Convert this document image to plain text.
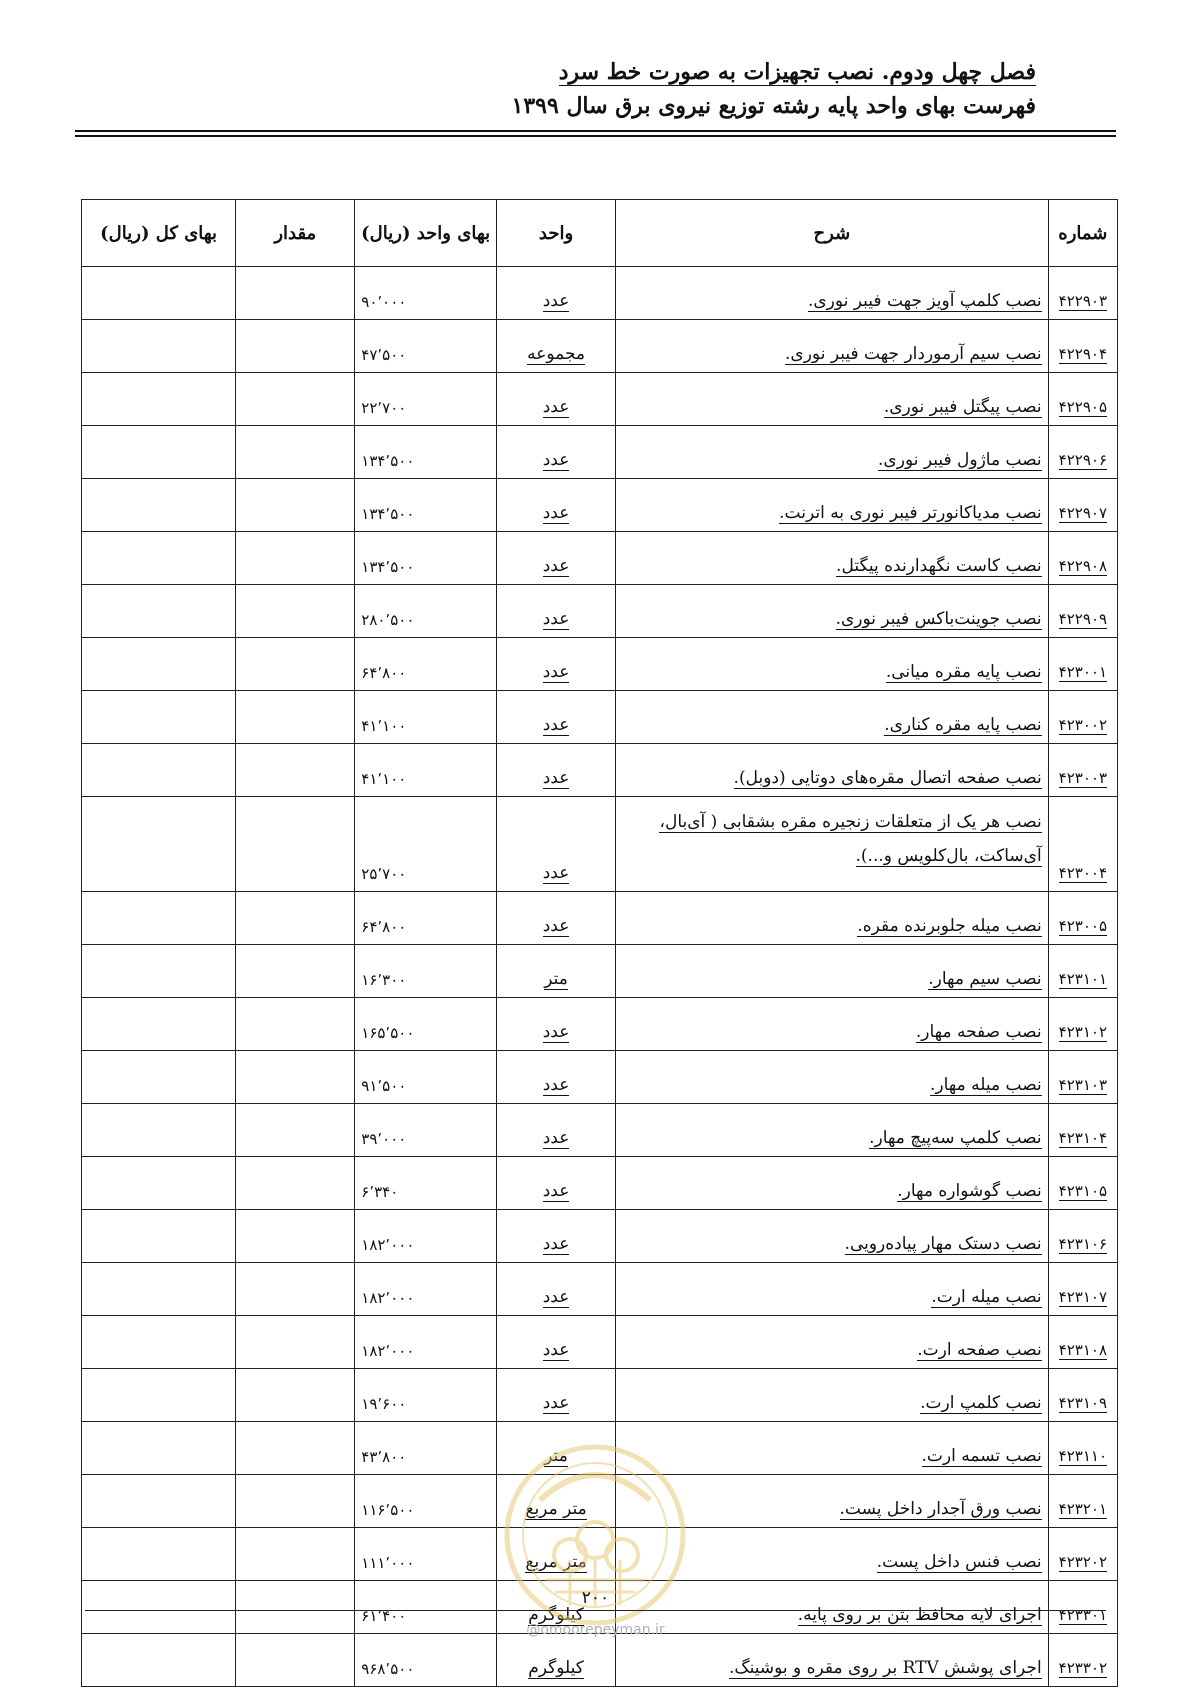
فصل چهل ودوم. نصب تجهیزات به صورت خط سرد
فهرست بهای واحد پایه رشته توزیع نیروی برق سال ۱۳۹۹
شماره	شرح	واحد	بهای واحد (ریال)	مقدار	بهای کل (ریال)
۴۲۲۹۰۳	نصب کلمپ آویز جهت فیبر نوری.	عدد	۹۰٬۰۰۰		
۴۲۲۹۰۴	نصب سیم آرموردار جهت فیبر نوری.	مجموعه	۴۷٬۵۰۰		
۴۲۲۹۰۵	نصب پیگتل فیبر نوری.	عدد	۲۲٬۷۰۰		
۴۲۲۹۰۶	نصب ماژول فیبر نوری.	عدد	۱۳۴٬۵۰۰		
۴۲۲۹۰۷	نصب مدیاکانورتر فیبر نوری به اترنت.	عدد	۱۳۴٬۵۰۰		
۴۲۲۹۰۸	نصب کاست نگهدارنده پیگتل.	عدد	۱۳۴٬۵۰۰		
۴۲۲۹۰۹	نصب جوینت‌باکس فیبر نوری.	عدد	۲۸۰٬۵۰۰		
۴۲۳۰۰۱	نصب پایه مقره میانی.	عدد	۶۴٬۸۰۰		
۴۲۳۰۰۲	نصب پایه مقره کناری.	عدد	۴۱٬۱۰۰		
۴۲۳۰۰۳	نصب صفحه اتصال مقره‌های دوتایی (دوبل).	عدد	۴۱٬۱۰۰		
۴۲۳۰۰۴	نصب هر یک از متعلقات زنجیره مقره بشقابی ( آی‌بال، آی‌ساکت، بال‌کلویس و...).	عدد	۲۵٬۷۰۰		
۴۲۳۰۰۵	نصب میله جلوبرنده مقره.	عدد	۶۴٬۸۰۰		
۴۲۳۱۰۱	نصب سیم مهار.	متر	۱۶٬۳۰۰		
۴۲۳۱۰۲	نصب صفحه مهار.	عدد	۱۶۵٬۵۰۰		
۴۲۳۱۰۳	نصب میله مهار.	عدد	۹۱٬۵۰۰		
۴۲۳۱۰۴	نصب کلمپ سه‌پیچ مهار.	عدد	۳۹٬۰۰۰		
۴۲۳۱۰۵	نصب گوشواره مهار.	عدد	۶٬۳۴۰		
۴۲۳۱۰۶	نصب دستک مهار پیاده‌رویی.	عدد	۱۸۲٬۰۰۰		
۴۲۳۱۰۷	نصب میله ارت.	عدد	۱۸۲٬۰۰۰		
۴۲۳۱۰۸	نصب صفحه ارت.	عدد	۱۸۲٬۰۰۰		
۴۲۳۱۰۹	نصب کلمپ ارت.	عدد	۱۹٬۶۰۰		
۴۲۳۱۱۰	نصب تسمه ارت.	متر	۴۳٬۸۰۰		
۴۲۳۲۰۱	نصب ورق آجدار داخل پست.	متر مربع	۱۱۶٬۵۰۰		
۴۲۳۲۰۲	نصب فنس داخل پست.	متر مربع	۱۱۱٬۰۰۰		
۴۲۳۳۰۱	اجرای لایه محافظ بتن بر روی پایه.	کیلوگرم	۶۱٬۴۰۰		
۴۲۳۳۰۲	اجرای پوشش RTV بر روی مقره و بوشینگ.	کیلوگرم	۹۶۸٬۵۰۰		
۲۰۰
@omoorepeyman.ir
